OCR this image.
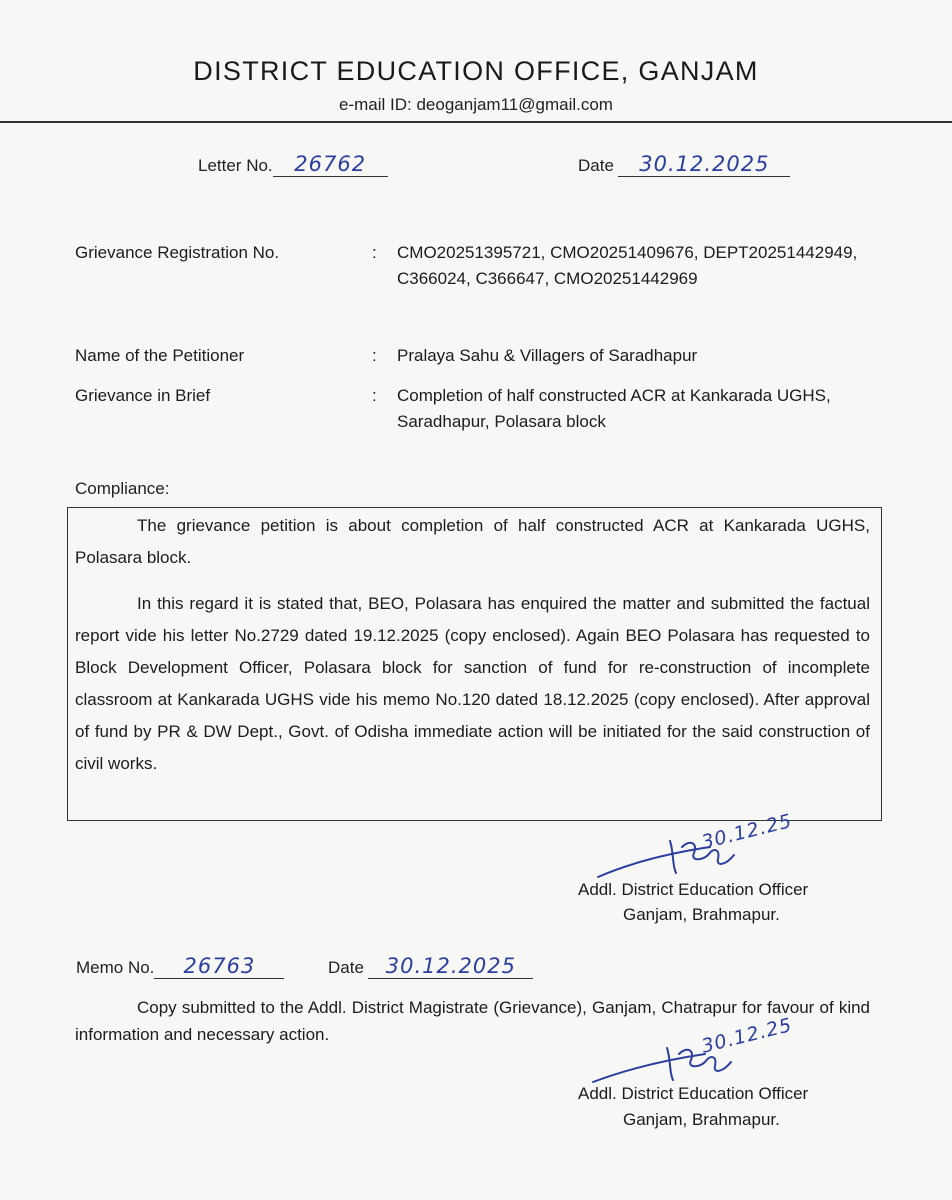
DISTRICT EDUCATION OFFICE, GANJAM
e-mail ID: deoganjam11@gmail.com
Letter No. 26762	Date 30.12.2025
Grievance Registration No.	: CMO20251395721, CMO20251409676, DEPT20251442949, C366024, C366647, CMO20251442969
Name of the Petitioner	: Pralaya Sahu & Villagers of Saradhapur
Grievance in Brief	: Completion of half constructed ACR at Kankarada UGHS, Saradhapur, Polasara block
Compliance:
The grievance petition is about completion of half constructed ACR at Kankarada UGHS, Polasara block.
In this regard it is stated that, BEO, Polasara has enquired the matter and submitted the factual report vide his letter No.2729 dated 19.12.2025 (copy enclosed). Again BEO Polasara has requested to Block Development Officer, Polasara block for sanction of fund for re-construction of incomplete classroom at Kankarada UGHS vide his memo No.120 dated 18.12.2025 (copy enclosed). After approval of fund by PR & DW Dept., Govt. of Odisha immediate action will be initiated for the said construction of civil works.
30.12.25
Addl. District Education Officer
Ganjam, Brahmapur.
Memo No. 26763	Date 30.12.2025
Copy submitted to the Addl. District Magistrate (Grievance), Ganjam, Chatrapur for favour of kind information and necessary action.	30.12.25
Addl. District Education Officer
Ganjam, Brahmapur.
